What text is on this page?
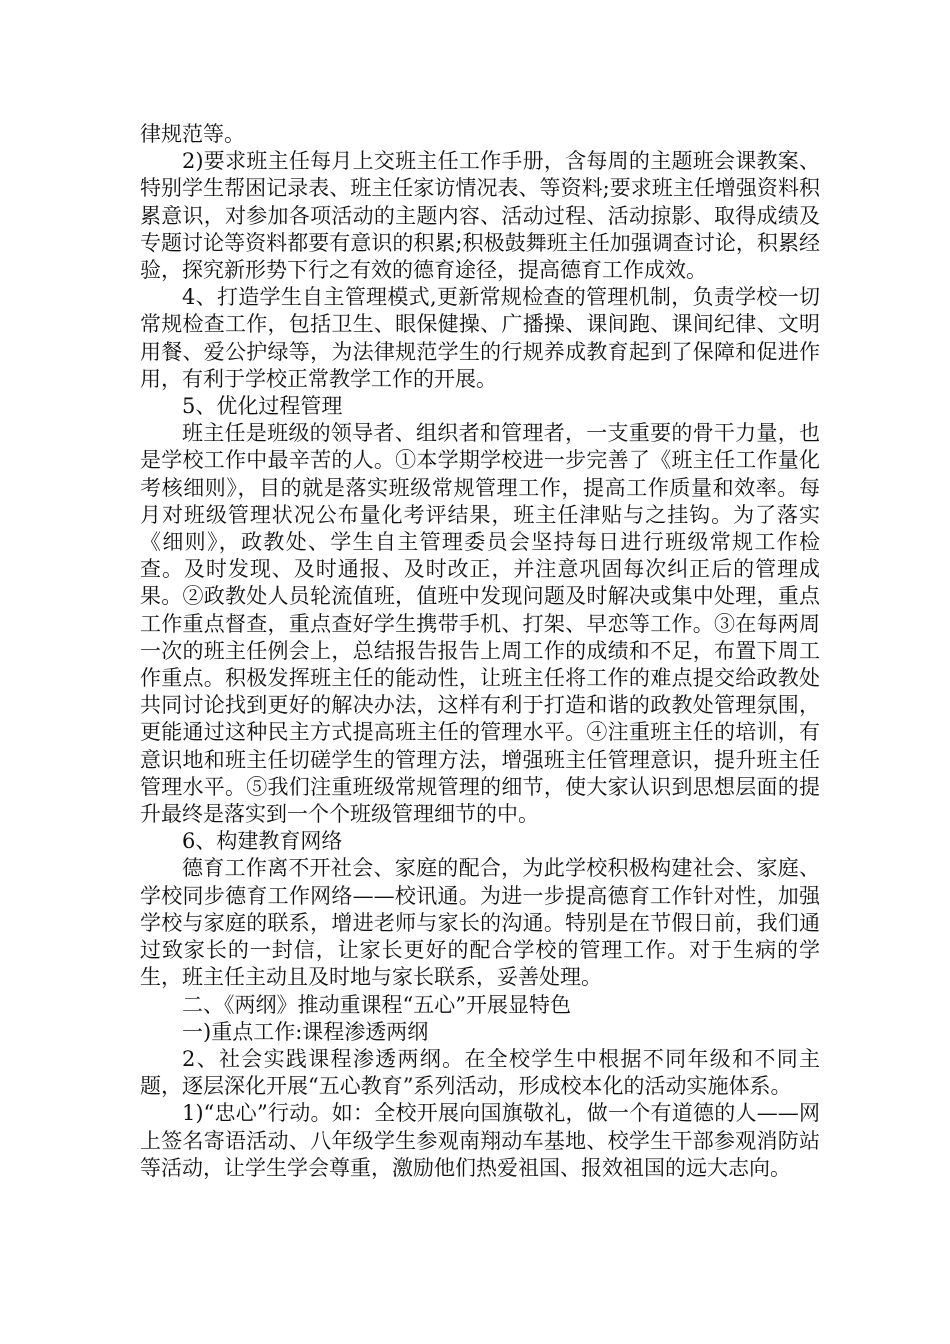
律规范等。

2)要求班主任每月上交班主任工作手册，含每周的主题班会课教案、特别学生帮困记录表、班主任家访情况表、等资料;要求班主任增强资料积累意识，对参加各项活动的主题内容、活动过程、活动掠影、取得成绩及专题讨论等资料都要有意识的积累;积极鼓舞班主任加强调查讨论，积累经验，探究新形势下行之有效的德育途径，提高德育工作成效。

4、打造学生自主管理模式,更新常规检查的管理机制，负责学校一切常规检查工作，包括卫生、眼保健操、广播操、课间跑、课间纪律、文明用餐、爱公护绿等，为法律规范学生的行规养成教育起到了保障和促进作用，有利于学校正常教学工作的开展。

5、优化过程管理

班主任是班级的领导者、组织者和管理者，一支重要的骨干力量，也是学校工作中最辛苦的人。①本学期学校进一步完善了《班主任工作量化考核细则》，目的就是落实班级常规管理工作，提高工作质量和效率。每月对班级管理状况公布量化考评结果，班主任津贴与之挂钩。为了落实《细则》，政教处、学生自主管理委员会坚持每日进行班级常规工作检查。及时发现、及时通报、及时改正，并注意巩固每次纠正后的管理成果。②政教处人员轮流值班，值班中发现问题及时解决或集中处理，重点工作重点督查，重点查好学生携带手机、打架、早恋等工作。③在每两周一次的班主任例会上，总结报告报告上周工作的成绩和不足，布置下周工作重点。积极发挥班主任的能动性，让班主任将工作的难点提交给政教处共同讨论找到更好的解决办法，这样有利于打造和谐的政教处管理氛围，更能通过这种民主方式提高班主任的管理水平。④注重班主任的培训，有意识地和班主任切磋学生的管理方法，增强班主任管理意识，提升班主任管理水平。⑤我们注重班级常规管理的细节，使大家认识到思想层面的提升最终是落实到一个个班级管理细节的中。

6、构建教育网络

德育工作离不开社会、家庭的配合，为此学校积极构建社会、家庭、学校同步德育工作网络——校讯通。为进一步提高德育工作针对性，加强学校与家庭的联系，增进老师与家长的沟通。特别是在节假日前，我们通过致家长的一封信，让家长更好的配合学校的管理工作。对于生病的学生，班主任主动且及时地与家长联系，妥善处理。

二、《两纲》推动重课程“五心”开展显特色

一)重点工作:课程渗透两纲

2、社会实践课程渗透两纲。在全校学生中根据不同年级和不同主题，逐层深化开展“五心教育”系列活动，形成校本化的活动实施体系。

1)“忠心”行动。如：全校开展向国旗敬礼，做一个有道德的人——网上签名寄语活动、八年级学生参观南翔动车基地、校学生干部参观消防站等活动，让学生学会尊重，激励他们热爱祖国、报效祖国的远大志向。
